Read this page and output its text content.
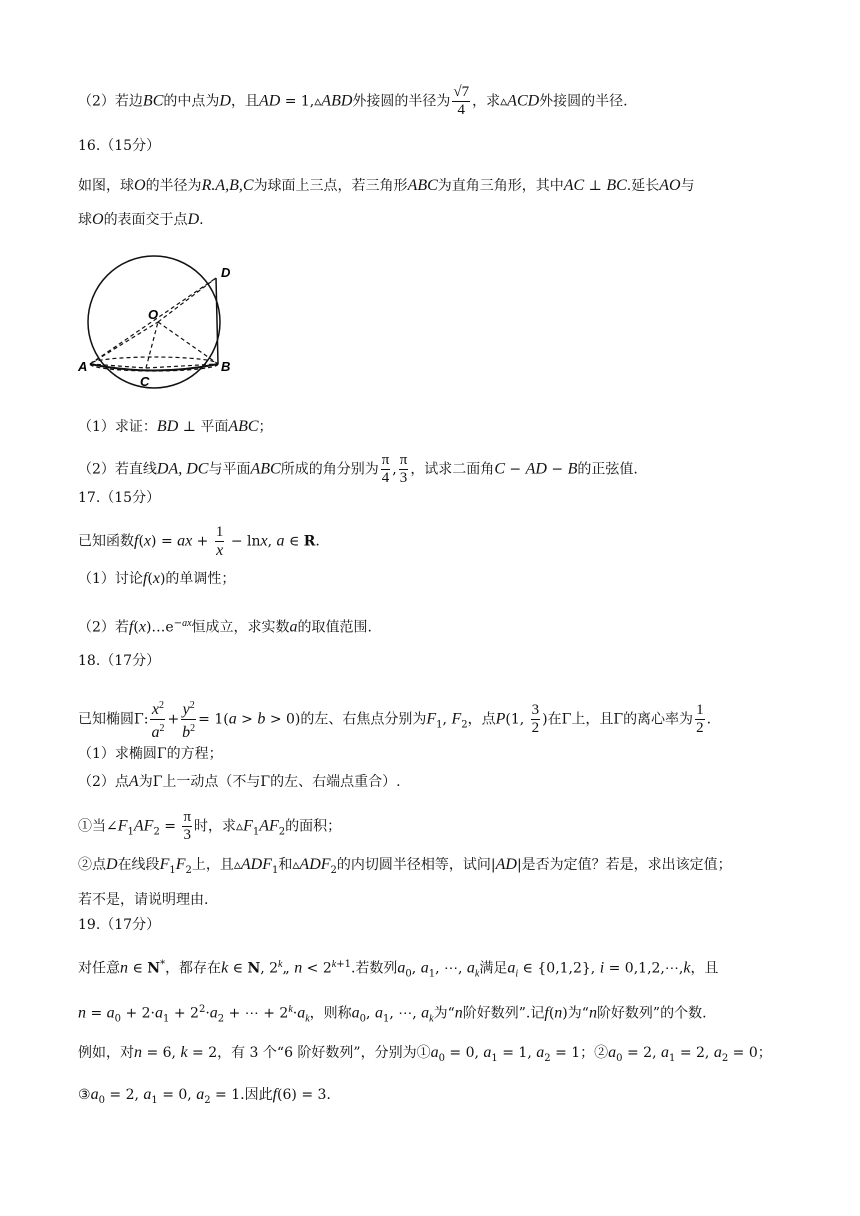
（2）若边BC的中点为D，且AD = 1,▵ABD外接圆的半径为 $\frac{√7}{4}$ ，求▵ACD外接圆的半径.
16.（15分）
如图，球O的半径为R.A,B,C为球面上三点，若三角形ABC为直角三角形，其中AC ⊥ BC.延长AO与
球O的表面交于点D.
A	B
C
O
D
（1）求证：BD ⊥ 平面ABC；
（2）若直线DA, DC与平面ABC所成的角分别为 $\frac{\pi}{4}$ , $\frac{\pi}{3}$ ，试求二面角C − AD − B的正弦值.
17.（15分）
已知函数f(x) = ax + $\frac{1}{x} - \ln x$, a ∈ R.
（1）讨论f(x)的单调性；
（2）若$f(x)\dots e^{-ax}$恒成立，求实数a的取值范围.
18.（17分）
已知椭圆Γ: $\frac{x^2}{a^2} + \frac{y^2}{b^2} = 1(a > b > 0)$的左、右焦点分别为$F_1$, $F_2$，点P(1, $\frac{3}{2}$ )在Γ上，且Γ的离心率为 $\frac{1}{2}$ .
（1）求椭圆Γ的方程；
（2）点A为Γ上一动点（不与Γ的左、右端点重合）.
①当$\angle F_1AF_2 = \frac{\pi}{3}$ 时，求$▵F_1AF_2$的面积；
②点D在线段$F_1F_2$上，且$▵ADF_1$和$▵ADF_2$的内切圆半径相等，试问|AD|是否为定值？若是，求出该定值；
若不是，请说明理由.
19.（17分）
对任意n ∈ N*，都存在k ∈ N, 2$^k$„ $n < 2^{k+1}$.若数列$a_0$, $a_1$, ⋯, $a_k$满足$a_i$ ∈ {0,1,2}, i = 0,1,2,⋯,k，且
$n = a_0 + 2\cdot a_1 + 2^2\cdot a_2$ + ⋯ + $2^k\cdot a_k$，则称$a_0$, $a_1$, ⋯, $a_k$为“n阶好数列”.记f(n)为“n阶好数列”的个数.
例如，对n = 6, k = 2，有 3 个“6 阶好数列”，分别为$①a_0 = 0$, $a_1 = 1$, $a_2 = 1$；$②a_0 = 2$, $a_1 = 2$, $a_2 = 0$；
$③a_0 = 2$, $a_1 = 0$, $a_2 = 1$.因此f(6) = 3.
